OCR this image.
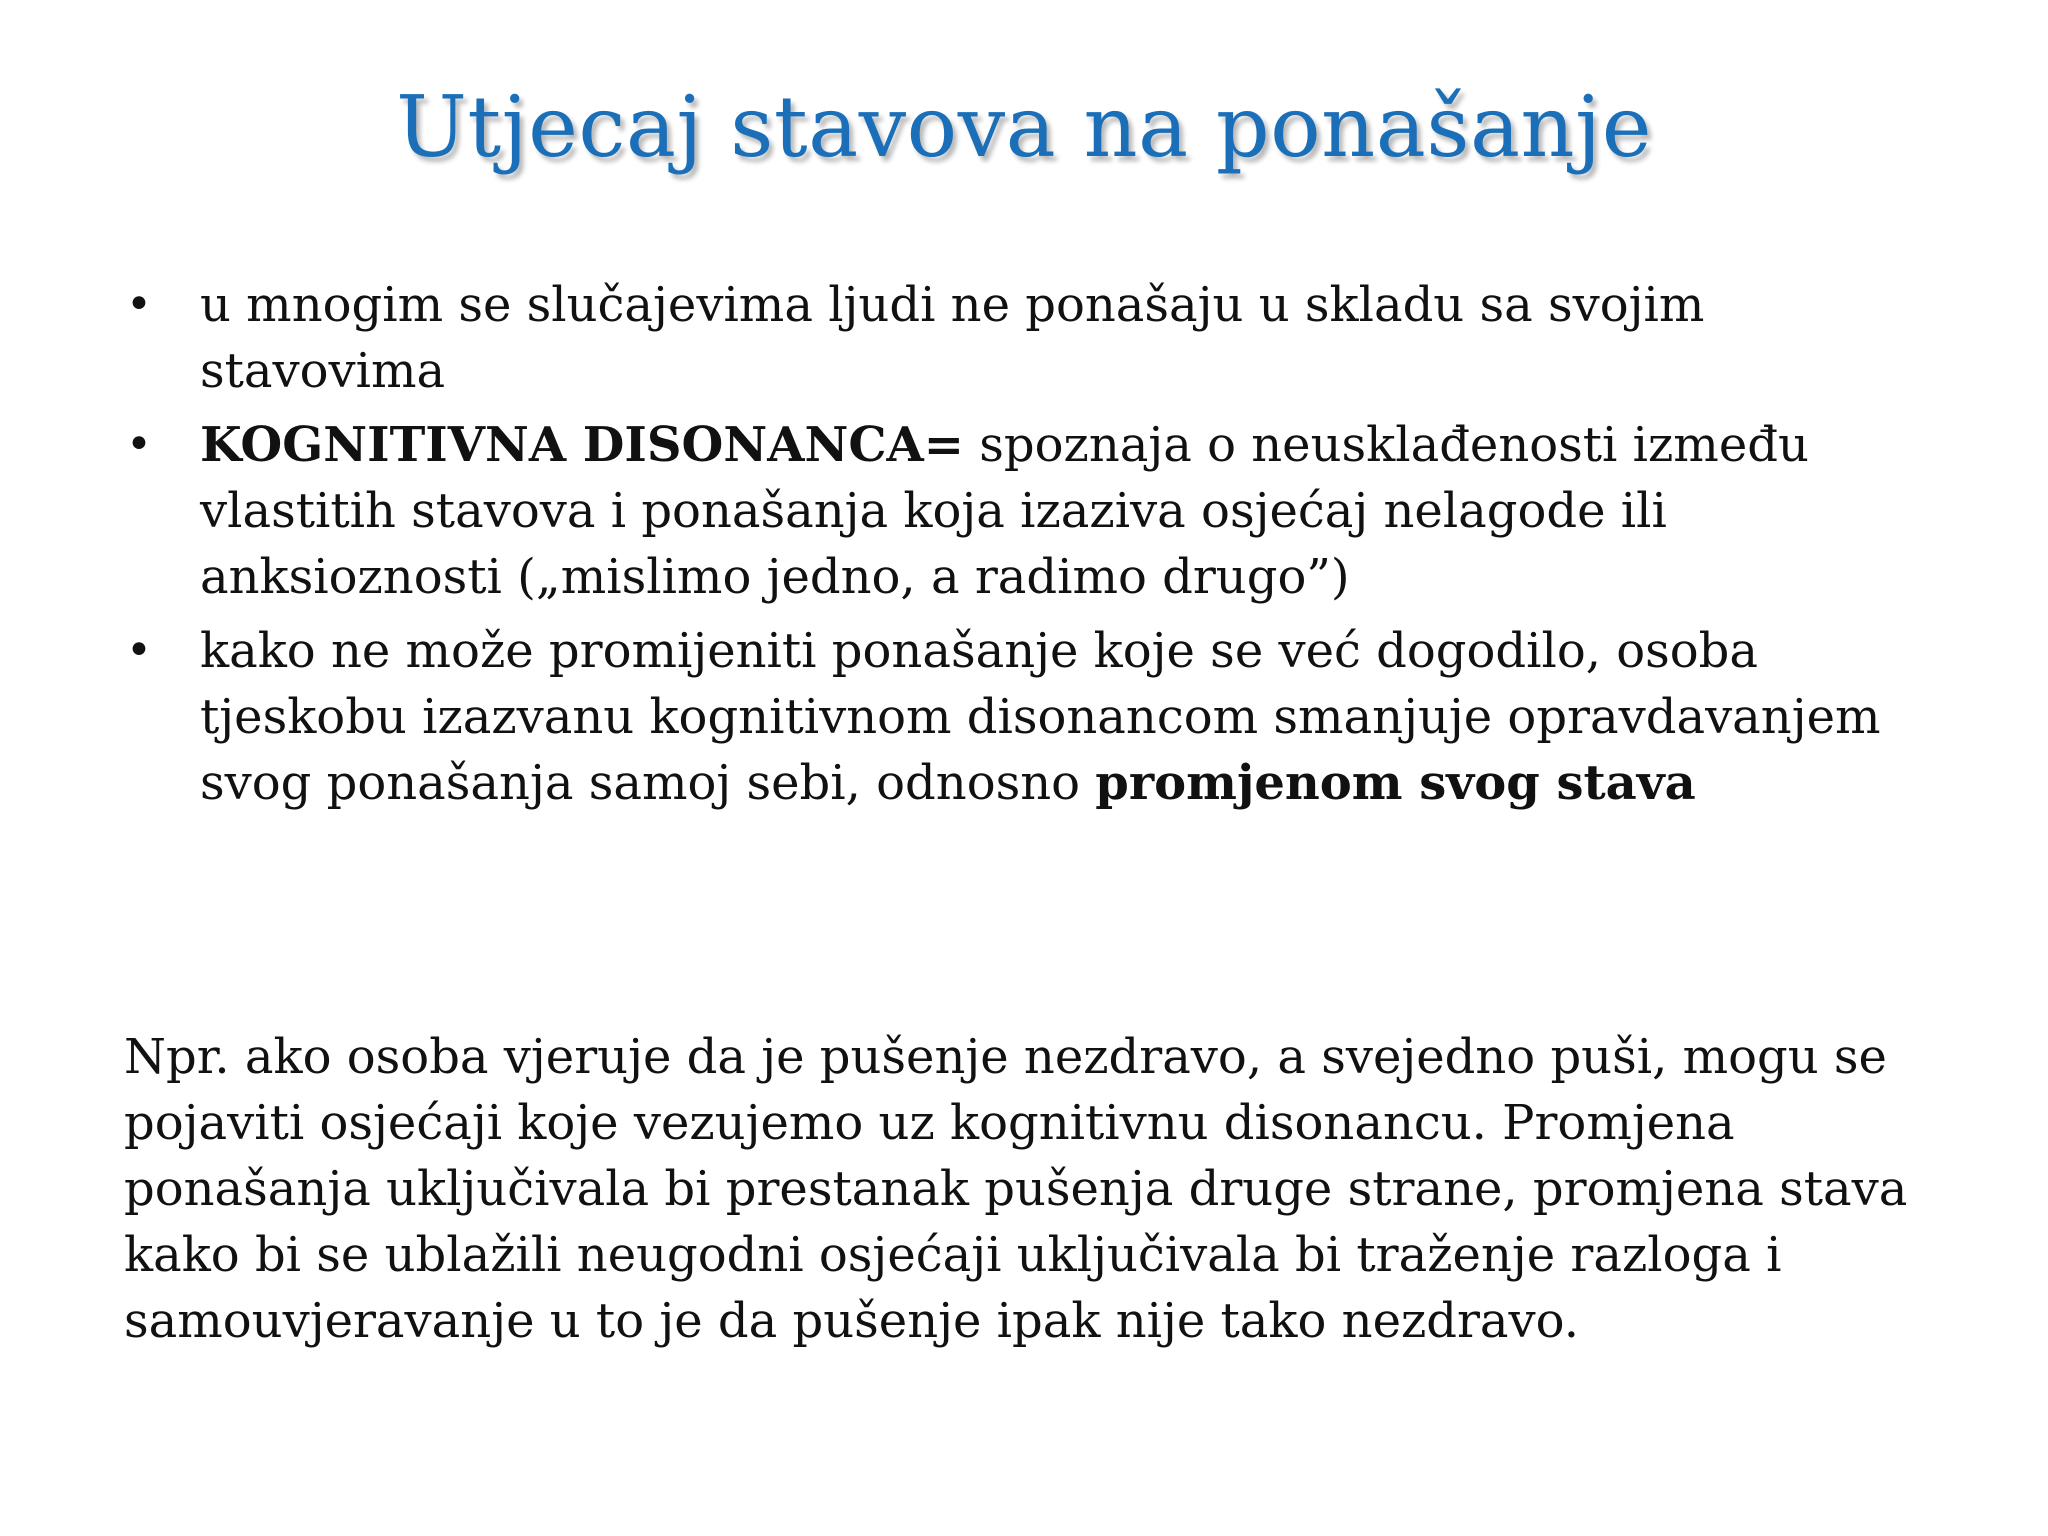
Utjecaj stavova na ponašanje
• u mnogim se slučajevima ljudi ne ponašaju u skladu sa svojim stavovima
• KOGNITIVNA DISONANCA= spoznaja o neusklađenosti između vlastitih stavova i ponašanja koja izaziva osjećaj nelagode ili anksioznosti („mislimo jedno, a radimo drugo”)
• kako ne može promijeniti ponašanje koje se već dogodilo, osoba tjeskobu izazvanu kognitivnom disonancom smanjuje opravdavanjem svog ponašanja samoj sebi, odnosno promjenom svog stava

Npr. ako osoba vjeruje da je pušenje nezdravo, a svejedno puši, mogu se pojaviti osjećaji koje vezujemo uz kognitivnu disonancu. Promjena ponašanja uključivala bi prestanak pušenja druge strane, promjena stava kako bi se ublažili neugodni osjećaji uključivala bi traženje razloga i samouvjeravanje u to je da pušenje ipak nije tako nezdravo.
